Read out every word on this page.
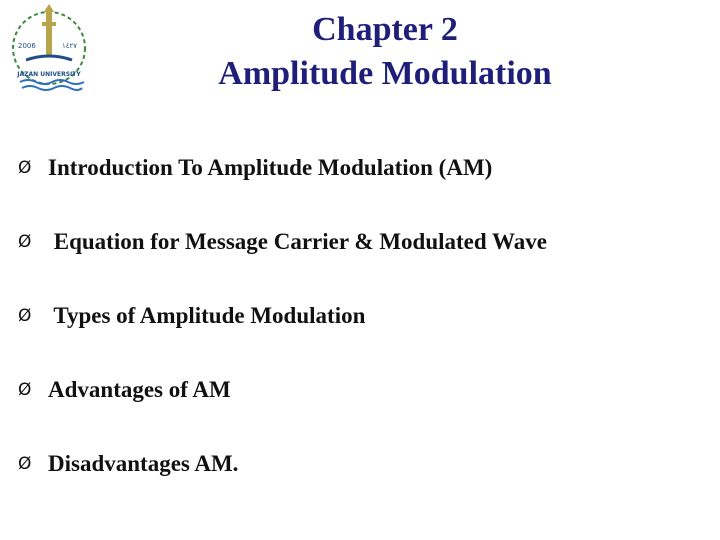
2006	١٤٢٧
JAZAN UNIVERSITY
Chapter 2
Amplitude Modulation
Ø Introduction To Amplitude Modulation (AM)
Ø Equation for Message Carrier & Modulated Wave
Ø Types of Amplitude Modulation
Ø Advantages of AM
Ø Disadvantages AM.
